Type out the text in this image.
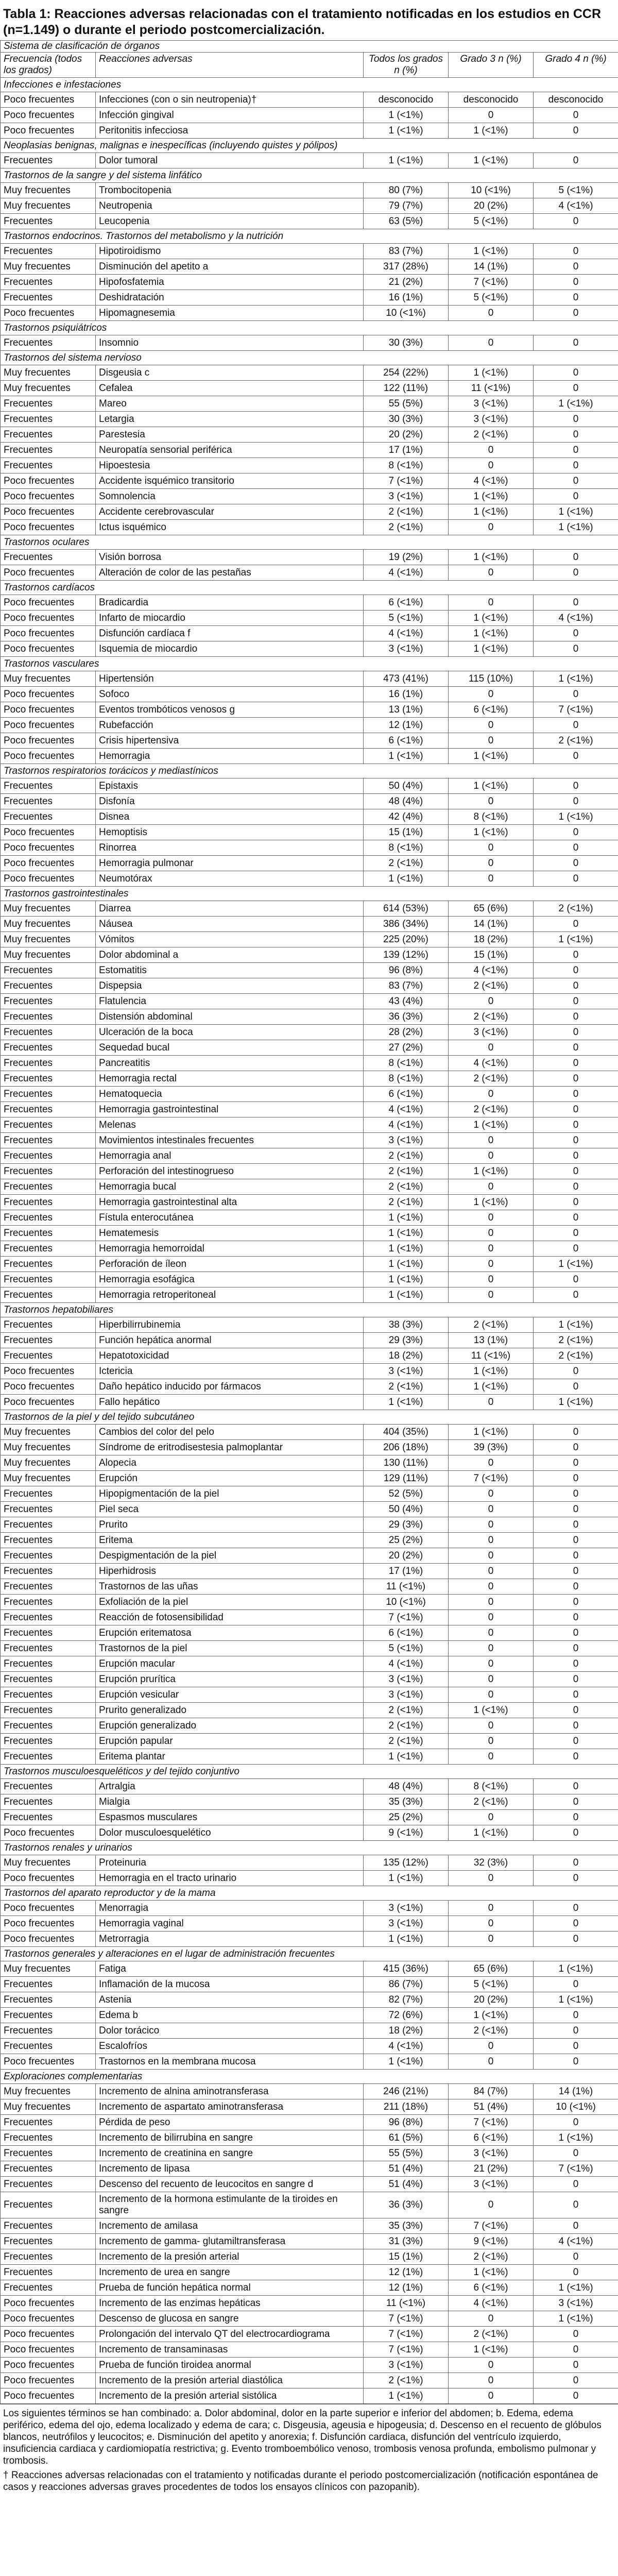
Tabla 1: Reacciones adversas relacionadas con el tratamiento notificadas en los estudios en CCR (n=1.149) o durante el periodo postcomercialización.
Sistema de clasificación de órganos				
Frecuencia (todos los grados)	Reacciones adversas	Todos los grados n (%)	Grado 3 n (%)	Grado 4 n (%)
Infecciones e infestaciones				
Poco frecuentes	Infecciones (con o sin neutropenia)†	desconocido	desconocido	desconocido
Poco frecuentes	Infección gingival	1 (<1%)	0	0
Poco frecuentes	Peritonitis infecciosa	1 (<1%)	1 (<1%)	0
Neoplasias benignas, malignas e inespecíficas (incluyendo quistes y pólipos)				
Frecuentes	Dolor tumoral	1 (<1%)	1 (<1%)	0
Trastornos de la sangre y del sistema linfático				
Muy frecuentes	Trombocitopenia	80 (7%)	10 (<1%)	5 (<1%)
Muy frecuentes	Neutropenia	79 (7%)	20 (2%)	4 (<1%)
Frecuentes	Leucopenia	63 (5%)	5 (<1%)	0
Trastornos endocrinos. Trastornos del metabolismo y la nutrición				
Frecuentes	Hipotiroidismo	83 (7%)	1 (<1%)	0
Muy frecuentes	Disminución del apetito a	317 (28%)	14 (1%)	0
Frecuentes	Hipofosfatemia	21 (2%)	7 (<1%)	0
Frecuentes	Deshidratación	16 (1%)	5 (<1%)	0
Poco frecuentes	Hipomagnesemia	10 (<1%)	0	0
Trastornos psiquiátricos				
Frecuentes	Insomnio	30 (3%)	0	0
Trastornos del sistema nervioso				
Muy frecuentes	Disgeusia c	254 (22%)	1 (<1%)	0
Muy frecuentes	Cefalea	122 (11%)	11 (<1%)	0
Frecuentes	Mareo	55 (5%)	3 (<1%)	1 (<1%)
Frecuentes	Letargia	30 (3%)	3 (<1%)	0
Frecuentes	Parestesia	20 (2%)	2 (<1%)	0
Frecuentes	Neuropatía sensorial periférica	17 (1%)	0	0
Frecuentes	Hipoestesia	8 (<1%)	0	0
Poco frecuentes	Accidente isquémico transitorio	7 (<1%)	4 (<1%)	0
Poco frecuentes	Somnolencia	3 (<1%)	1 (<1%)	0
Poco frecuentes	Accidente cerebrovascular	2 (<1%)	1 (<1%)	1 (<1%)
Poco frecuentes	Ictus isquémico	2 (<1%)	0	1 (<1%)
Trastornos oculares				
Frecuentes	Visión borrosa	19 (2%)	1 (<1%)	0
Poco frecuentes	Alteración de color de las pestañas	4 (<1%)	0	0
Trastornos cardíacos				
Poco frecuentes	Bradicardia	6 (<1%)	0	0
Poco frecuentes	Infarto de miocardio	5 (<1%)	1 (<1%)	4 (<1%)
Poco frecuentes	Disfunción cardíaca f	4 (<1%)	1 (<1%)	0
Poco frecuentes	Isquemia de miocardio	3 (<1%)	1 (<1%)	0
Trastornos vasculares				
Muy frecuentes	Hipertensión	473 (41%)	115 (10%)	1 (<1%)
Poco frecuentes	Sofoco	16 (1%)	0	0
Poco frecuentes	Eventos trombóticos venosos g	13 (1%)	6 (<1%)	7 (<1%)
Poco frecuentes	Rubefacción	12 (1%)	0	0
Poco frecuentes	Crisis hipertensiva	6 (<1%)	0	2 (<1%)
Poco frecuentes	Hemorragia	1 (<1%)	1 (<1%)	0
Trastornos respiratorios torácicos y mediastínicos				
Frecuentes	Epistaxis	50 (4%)	1 (<1%)	0
Frecuentes	Disfonía	48 (4%)	0	0
Frecuentes	Disnea	42 (4%)	8 (<1%)	1 (<1%)
Poco frecuentes	Hemoptisis	15 (1%)	1 (<1%)	0
Poco frecuentes	Rinorrea	8 (<1%)	0	0
Poco frecuentes	Hemorragia pulmonar	2 (<1%)	0	0
Poco frecuentes	Neumotórax	1 (<1%)	0	0
Trastornos gastrointestinales				
Muy frecuentes	Diarrea	614 (53%)	65 (6%)	2 (<1%)
Muy frecuentes	Náusea	386 (34%)	14 (1%)	0
Muy frecuentes	Vómitos	225 (20%)	18 (2%)	1 (<1%)
Muy frecuentes	Dolor abdominal a	139 (12%)	15 (1%)	0
Frecuentes	Estomatitis	96 (8%)	4 (<1%)	0
Frecuentes	Dispepsia	83 (7%)	2 (<1%)	0
Frecuentes	Flatulencia	43 (4%)	0	0
Frecuentes	Distensión abdominal	36 (3%)	2 (<1%)	0
Frecuentes	Ulceración de la boca	28 (2%)	3 (<1%)	0
Frecuentes	Sequedad bucal	27 (2%)	0	0
Frecuentes	Pancreatitis	8 (<1%)	4 (<1%)	0
Frecuentes	Hemorragia rectal	8 (<1%)	2 (<1%)	0
Frecuentes	Hematoquecia	6 (<1%)	0	0
Frecuentes	Hemorragia gastrointestinal	4 (<1%)	2 (<1%)	0
Frecuentes	Melenas	4 (<1%)	1 (<1%)	0
Frecuentes	Movimientos intestinales frecuentes	3 (<1%)	0	0
Frecuentes	Hemorragia anal	2 (<1%)	0	0
Frecuentes	Perforación del intestinogrueso	2 (<1%)	1 (<1%)	0
Frecuentes	Hemorragia bucal	2 (<1%)	0	0
Frecuentes	Hemorragia gastrointestinal alta	2 (<1%)	1 (<1%)	0
Frecuentes	Fístula enterocutánea	1 (<1%)	0	0
Frecuentes	Hematemesis	1 (<1%)	0	0
Frecuentes	Hemorragia hemorroidal	1 (<1%)	0	0
Frecuentes	Perforación de íleon	1 (<1%)	0	1 (<1%)
Frecuentes	Hemorragia esofágica	1 (<1%)	0	0
Frecuentes	Hemorragia retroperitoneal	1 (<1%)	0	0
Trastornos hepatobiliares				
Frecuentes	Hiperbilirrubinemia	38 (3%)	2 (<1%)	1 (<1%)
Frecuentes	Función hepática anormal	29 (3%)	13 (1%)	2 (<1%)
Frecuentes	Hepatotoxicidad	18 (2%)	11 (<1%)	2 (<1%)
Poco frecuentes	Ictericia	3 (<1%)	1 (<1%)	0
Poco frecuentes	Daño hepático inducido por fármacos	2 (<1%)	1 (<1%)	0
Poco frecuentes	Fallo hepático	1 (<1%)	0	1 (<1%)
Trastornos de la piel y del tejido subcutáneo				
Muy frecuentes	Cambios del color del pelo	404 (35%)	1 (<1%)	0
Muy frecuentes	Síndrome de eritrodisestesia palmoplantar	206 (18%)	39 (3%)	0
Muy frecuentes	Alopecia	130 (11%)	0	0
Muy frecuentes	Erupción	129 (11%)	7 (<1%)	0
Frecuentes	Hipopigmentación de la piel	52 (5%)	0	0
Frecuentes	Piel seca	50 (4%)	0	0
Frecuentes	Prurito	29 (3%)	0	0
Frecuentes	Eritema	25 (2%)	0	0
Frecuentes	Despigmentación de la piel	20 (2%)	0	0
Frecuentes	Hiperhidrosis	17 (1%)	0	0
Frecuentes	Trastornos de las uñas	11 (<1%)	0	0
Frecuentes	Exfoliación de la piel	10 (<1%)	0	0
Frecuentes	Reacción de fotosensibilidad	7 (<1%)	0	0
Frecuentes	Erupción eritematosa	6 (<1%)	0	0
Frecuentes	Trastornos de la piel	5 (<1%)	0	0
Frecuentes	Erupción macular	4 (<1%)	0	0
Frecuentes	Erupción prurítica	3 (<1%)	0	0
Frecuentes	Erupción vesicular	3 (<1%)	0	0
Frecuentes	Prurito generalizado	2 (<1%)	1 (<1%)	0
Frecuentes	Erupción generalizado	2 (<1%)	0	0
Frecuentes	Erupción papular	2 (<1%)	0	0
Frecuentes	Eritema plantar	1 (<1%)	0	0
Trastornos musculoesqueléticos y del tejido conjuntivo				
Frecuentes	Artralgia	48 (4%)	8 (<1%)	0
Frecuentes	Mialgia	35 (3%)	2 (<1%)	0
Frecuentes	Espasmos musculares	25 (2%)	0	0
Poco frecuentes	Dolor musculoesquelético	9 (<1%)	1 (<1%)	0
Trastornos renales y urinarios				
Muy frecuentes	Proteinuria	135 (12%)	32 (3%)	0
Poco frecuentes	Hemorragia en el tracto urinario	1 (<1%)	0	0
Trastornos del aparato reproductor y de la mama				
Poco frecuentes	Menorragia	3 (<1%)	0	0
Poco frecuentes	Hemorragia vaginal	3 (<1%)	0	0
Poco frecuentes	Metrorragia	1 (<1%)	0	0
Trastornos generales y alteraciones en el lugar de administración frecuentes				
Muy frecuentes	Fatiga	415 (36%)	65 (6%)	1 (<1%)
Frecuentes	Inflamación de la mucosa	86 (7%)	5 (<1%)	0
Frecuentes	Astenia	82 (7%)	20 (2%)	1 (<1%)
Frecuentes	Edema b	72 (6%)	1 (<1%)	0
Frecuentes	Dolor torácico	18 (2%)	2 (<1%)	0
Frecuentes	Escalofríos	4 (<1%)	0	0
Poco frecuentes	Trastornos en la membrana mucosa	1 (<1%)	0	0
Exploraciones complementarias				
Muy frecuentes	Incremento de alnina aminotransferasa	246 (21%)	84 (7%)	14 (1%)
Muy frecuentes	Incremento de aspartato aminotransferasa	211 (18%)	51 (4%)	10 (<1%)
Frecuentes	Pérdida de peso	96 (8%)	7 (<1%)	0
Frecuentes	Incremento de bilirrubina en sangre	61 (5%)	6 (<1%)	1 (<1%)
Frecuentes	Incremento de creatinina en sangre	55 (5%)	3 (<1%)	0
Frecuentes	Incremento de lipasa	51 (4%)	21 (2%)	7 (<1%)
Frecuentes	Descenso del recuento de leucocitos en sangre d	51 (4%)	3 (<1%)	0
Frecuentes	Incremento de la hormona estimulante de la tiroides en sangre	36 (3%)	0	0
Frecuentes	Incremento de amilasa	35 (3%)	7 (<1%)	0
Frecuentes	Incremento de gamma- glutamiltransferasa	31 (3%)	9 (<1%)	4 (<1%)
Frecuentes	Incremento de la presión arterial	15 (1%)	2 (<1%)	0
Frecuentes	Incremento de urea en sangre	12 (1%)	1 (<1%)	0
Frecuentes	Prueba de función hepática normal	12 (1%)	6 (<1%)	1 (<1%)
Poco frecuentes	Incremento de las enzimas hepáticas	11 (<1%)	4 (<1%)	3 (<1%)
Poco frecuentes	Descenso de glucosa en sangre	7 (<1%)	0	1 (<1%)
Poco frecuentes	Prolongación del intervalo QT del electrocardiograma	7 (<1%)	2 (<1%)	0
Poco frecuentes	Incremento de transaminasas	7 (<1%)	1 (<1%)	0
Poco frecuentes	Prueba de función tiroidea anormal	3 (<1%)	0	0
Poco frecuentes	Incremento de la presión arterial diastólica	2 (<1%)	0	0
Poco frecuentes	Incremento de la presión arterial sistólica	1 (<1%)	0	0

Los siguientes términos se han combinado: a. Dolor abdominal, dolor en la parte superior e inferior del abdomen; b. Edema, edema periférico, edema del ojo, edema localizado y edema de cara; c. Disgeusia, ageusia e hipogeusia; d. Descenso en el recuento de glóbulos blancos, neutrófilos y leucocitos; e. Disminución del apetito y anorexia; f. Disfunción cardiaca, disfunción del ventrículo izquierdo, insuficiencia cardiaca y cardiomiopatía restrictiva; g. Evento tromboembólico venoso, trombosis venosa profunda, embolismo pulmonar y trombosis.

† Reacciones adversas relacionadas con el tratamiento y notificadas durante el periodo postcomercialización (notificación espontánea de casos y reacciones adversas graves procedentes de todos los ensayos clínicos con pazopanib).
